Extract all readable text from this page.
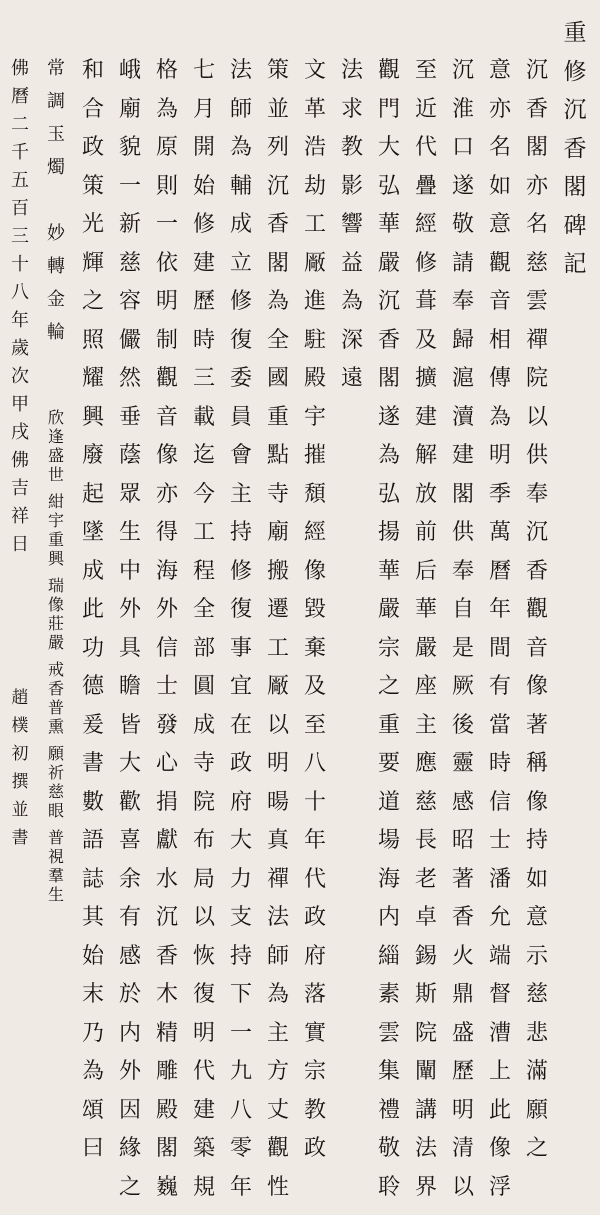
重
修
沉
香
閣
碑
記
沉
香
閣
亦
名
慈
雲
禪
院
以
供
奉
沉
香
觀
音
像
著
稱
像
持
如
意
示
慈
悲
滿
願
之
意
亦
名
如
意
觀
音
相
傳
為
明
季
萬
曆
年
間
有
當
時
信
士
潘
允
端
督
漕
上
此
像
浮
沉
淮
口
遂
敬
請
奉
歸
滬
瀆
建
閣
供
奉
自
是
厥
後
靈
感
昭
著
香
火
鼎
盛
歷
明
清
以
至
近
代
疊
經
修
葺
及
擴
建
解
放
前
后
華
嚴
座
主
應
慈
長
老
卓
錫
斯
院
闡
講
法
界
觀
門
大
弘
華
嚴
沉
香
閣
遂
為
弘
揚
華
嚴
宗
之
重
要
道
場
海
内
緇
素
雲
集
禮
敬
聆
法
求
教
影
響
益
為
深
遠
文
革
浩
劫
工
厰
進
駐
殿
宇
摧
頹
經
像
毀
棄
及
至
八
十
年
代
政
府
落
實
宗
教
政
策
並
列
沉
香
閣
為
全
國
重
點
寺
廟
搬
遷
工
厰
以
明
暘
真
禪
法
師
為
主
方
丈
觀
性
法
師
為
輔
成
立
修
復
委
員
會
主
持
修
復
事
宜
在
政
府
大
力
支
持
下
一
九
八
零
年
七
月
開
始
修
建
歷
時
三
載
迄
今
工
程
全
部
圓
成
寺
院
布
局
以
恢
復
明
代
建
築
規
格
為
原
則
一
依
明
制
觀
音
像
亦
得
海
外
信
士
發
心
捐
獻
水
沉
香
木
精
雕
殿
閣
巍
峨
廟
貌
一
新
慈
容
儼
然
垂
蔭
眾
生
中
外
具
瞻
皆
大
歡
喜
余
有
感
於
内
外
因
緣
之
和
合
政
策
光
輝
之
照
耀
興
廢
起
墜
成
此
功
德
爰
書
數
語
誌
其
始
末
乃
為
頌
曰
欣
逢
盛
世
紺
宇
重
興
瑞
像
莊
嚴
戒
香
普
熏
願
祈
慈
眼
普
視
羣
生
常
調
玉
燭

妙
轉
金
輪
佛
曆
二
千
五
百
三
十
八
年
歲
次
甲
戌
佛
吉
祥
日
趙
樸
初
撰
並
書
